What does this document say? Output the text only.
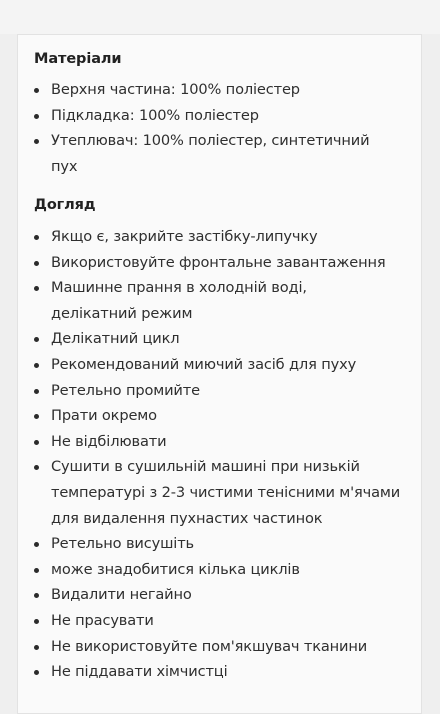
Матеріали
Верхня частина: 100% поліестер
Підкладка: 100% поліестер
Утеплювач: 100% поліестер, синтетичний пух
Догляд
Якщо є, закрийте застібку-липучку
Використовуйте фронтальне завантаження
Машинне прання в холодній воді, делікатний режим
Делікатний цикл
Рекомендований миючий засіб для пуху
Ретельно промийте
Прати окремо
Не відбілювати
Сушити в сушильній машині при низькій температурі з 2-3 чистими тенісними м'ячами для видалення пухнастих частинок
Ретельно висушіть
може знадобитися кілька циклів
Видалити негайно
Не прасувати
Не використовуйте пом'якшувач тканини
Не піддавати хімчистці
